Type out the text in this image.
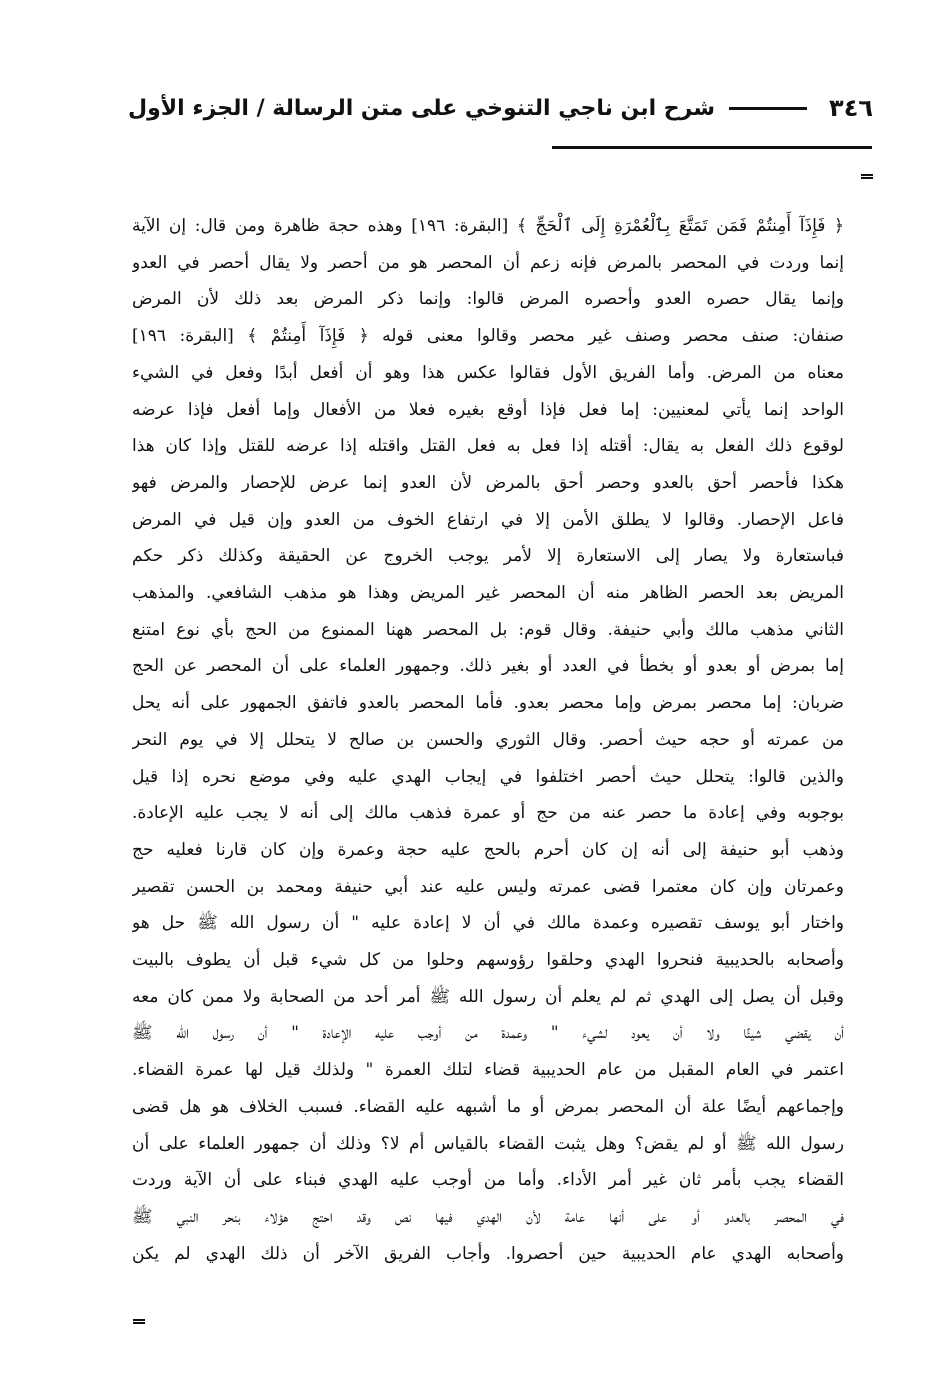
٣٤٦
شرح ابن ناجي التنوخي على متن الرسالة / الجزء الأول
﴿ فَإِذَآ أَمِنتُمْ فَمَن تَمَتَّعَ بِٱلْعُمْرَةِ إِلَى ٱلْحَجِّ ﴾ [البقرة: ١٩٦] وهذه حجة ظاهرة ومن قال: إن الآية
إنما وردت في المحصر بالمرض فإنه زعم أن المحصر هو من أحصر ولا يقال أحصر في العدو
وإنما يقال حصره العدو وأحصره المرض قالوا: وإنما ذكر المرض بعد ذلك لأن المرض
صنفان: صنف محصر وصنف غير محصر وقالوا معنى قوله ﴿ فَإِذَآ أَمِنتُمْ ﴾ [البقرة: ١٩٦]
معناه من المرض. وأما الفريق الأول فقالوا عكس هذا وهو أن أفعل أبدًا وفعل في الشيء
الواحد إنما يأتي لمعنيين: إما فعل فإذا أوقع بغيره فعلا من الأفعال وإما أفعل فإذا عرضه
لوقوع ذلك الفعل به يقال: أقتله إذا فعل به فعل القتل واقتله إذا عرضه للقتل وإذا كان هذا
هكذا فأحصر أحق بالعدو وحصر أحق بالمرض لأن العدو إنما عرض للإحصار والمرض فهو
فاعل الإحصار. وقالوا لا يطلق الأمن إلا في ارتفاع الخوف من العدو وإن قيل في المرض
فباستعارة ولا يصار إلى الاستعارة إلا لأمر يوجب الخروج عن الحقيقة وكذلك ذكر حكم
المريض بعد الحصر الظاهر منه أن المحصر غير المريض وهذا هو مذهب الشافعي. والمذهب
الثاني مذهب مالك وأبي حنيفة. وقال قوم: بل المحصر ههنا الممنوع من الحج بأي نوع امتنع
إما بمرض أو بعدو أو بخطأ في العدد أو بغير ذلك. وجمهور العلماء على أن المحصر عن الحج
ضربان: إما محصر بمرض وإما محصر بعدو. فأما المحصر بالعدو فاتفق الجمهور على أنه يحل
من عمرته أو حجه حيث أحصر. وقال الثوري والحسن بن صالح لا يتحلل إلا في يوم النحر
والذين قالوا: يتحلل حيث أحصر اختلفوا في إيجاب الهدي عليه وفي موضع نحره إذا قيل
بوجوبه وفي إعادة ما حصر عنه من حج أو عمرة فذهب مالك إلى أنه لا يجب عليه الإعادة.
وذهب أبو حنيفة إلى أنه إن كان أحرم بالحج عليه حجة وعمرة وإن كان قارنا فعليه حج
وعمرتان وإن كان معتمرا قضى عمرته وليس عليه عند أبي حنيفة ومحمد بن الحسن تقصير
واختار أبو يوسف تقصيره وعمدة مالك في أن لا إعادة عليه " أن رسول الله ﷺ حل هو
وأصحابه بالحديبية فنحروا الهدي وحلقوا رؤوسهم وحلوا من كل شيء قبل أن يطوف بالبيت
وقبل أن يصل إلى الهدي ثم لم يعلم أن رسول الله ﷺ أمر أحد من الصحابة ولا ممن كان معه
أن يقضي شيئًا ولا أن يعود لشيء " وعمدة من أوجب عليه الإعادة " أن رسول الله ﷺ
اعتمر في العام المقبل من عام الحديبية قضاء لتلك العمرة " ولذلك قيل لها عمرة القضاء.
وإجماعهم أيضًا علة أن المحصر بمرض أو ما أشبهه عليه القضاء. فسبب الخلاف هو هل قضى
رسول الله ﷺ أو لم يقض؟ وهل يثبت القضاء بالقياس أم لا؟ وذلك أن جمهور العلماء على أن
القضاء يجب بأمر ثان غير أمر الأداء. وأما من أوجب عليه الهدي فبناء على أن الآية وردت
في المحصر بالعدو أو على أنها عامة لأن الهدي فيها نص وقد احتج هؤلاء بنحر النبي ﷺ
وأصحابه الهدي عام الحديبية حين أحصروا. وأجاب الفريق الآخر أن ذلك الهدي لم يكن
